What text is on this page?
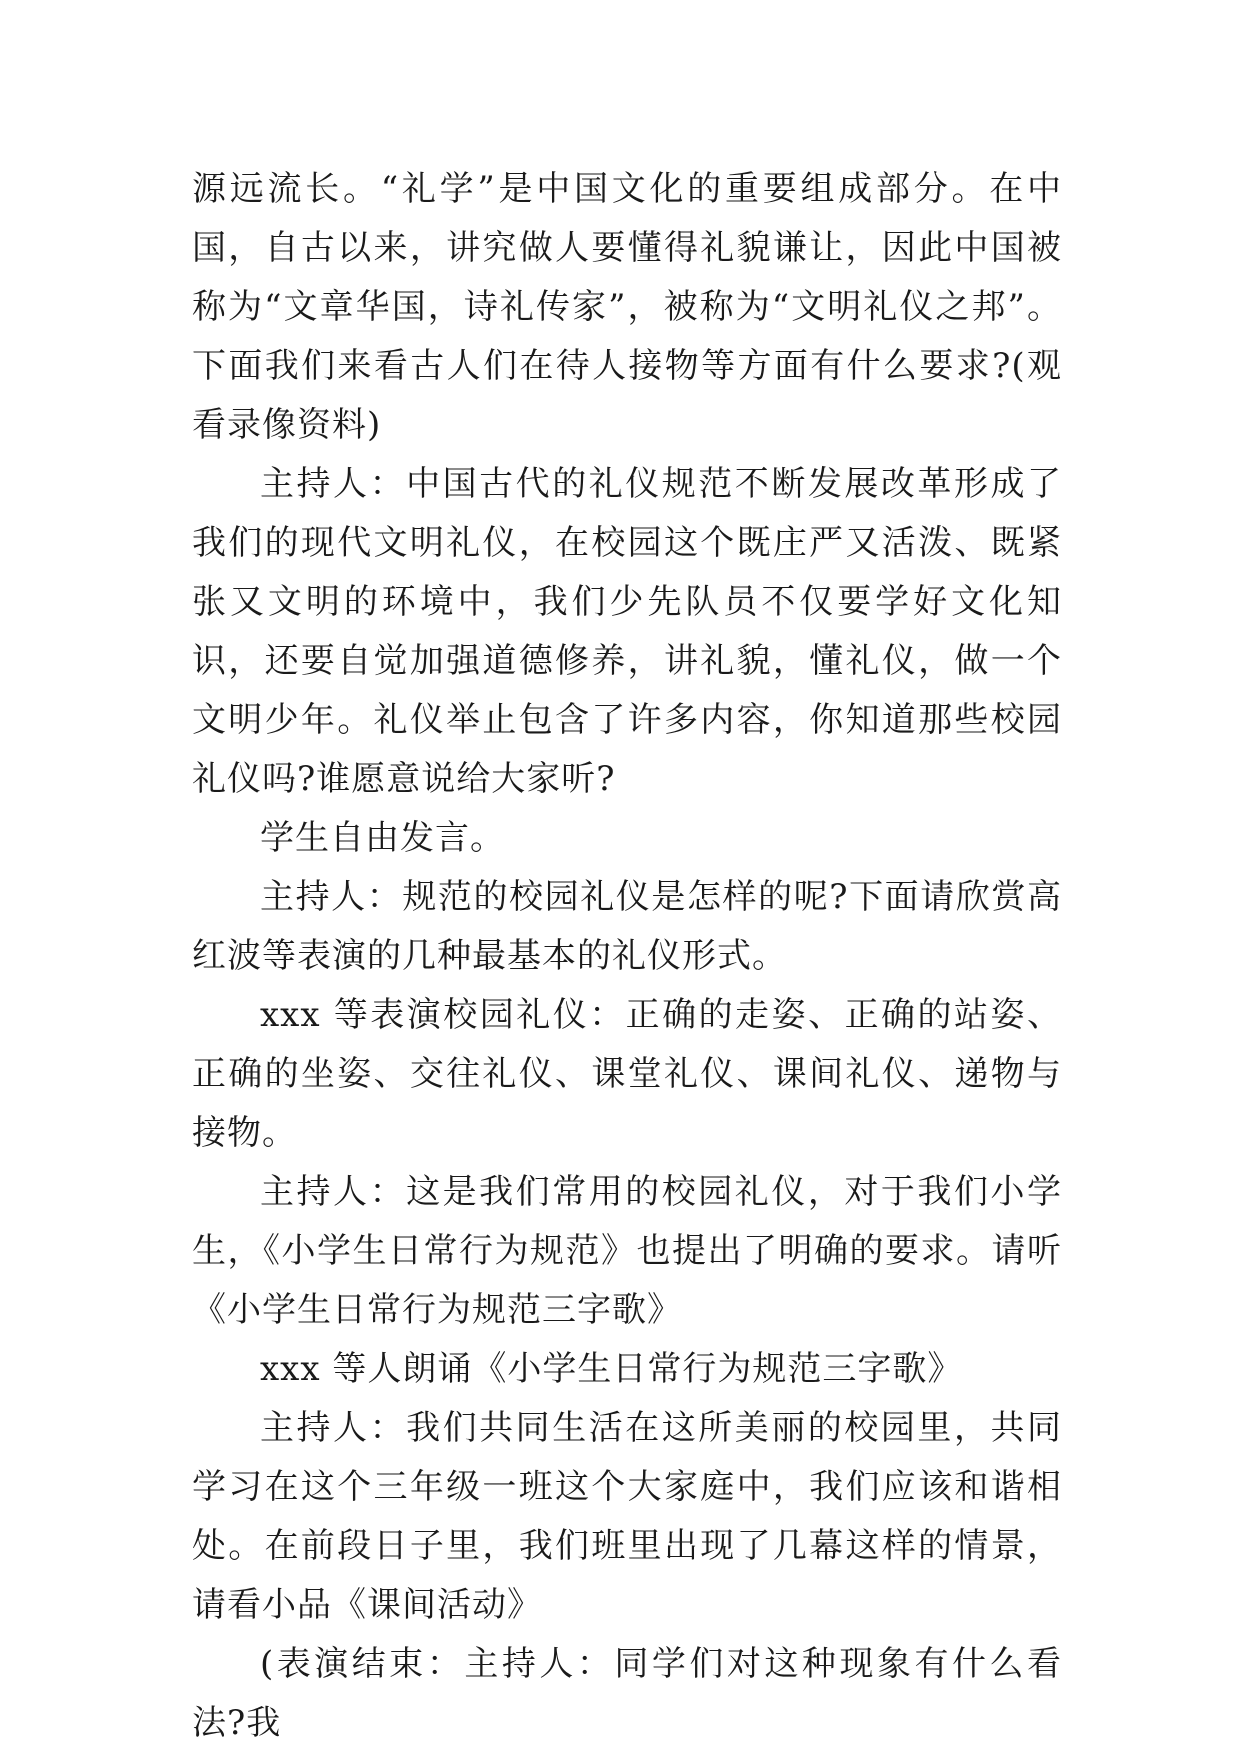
源远流长。“礼学”是中国文化的重要组成部分。在中国，自古以来，讲究做人要懂得礼貌谦让，因此中国被称为“文章华国，诗礼传家”，被称为“文明礼仪之邦”。下面我们来看古人们在待人接物等方面有什么要求?(观看录像资料)

主持人：中国古代的礼仪规范不断发展改革形成了我们的现代文明礼仪，在校园这个既庄严又活泼、既紧张又文明的环境中，我们少先队员不仅要学好文化知识，还要自觉加强道德修养，讲礼貌，懂礼仪，做一个文明少年。礼仪举止包含了许多内容，你知道那些校园礼仪吗?谁愿意说给大家听?

学生自由发言。

主持人：规范的校园礼仪是怎样的呢?下面请欣赏高红波等表演的几种最基本的礼仪形式。

xxx 等表演校园礼仪：正确的走姿、正确的站姿、正确的坐姿、交往礼仪、课堂礼仪、课间礼仪、递物与接物。

主持人：这是我们常用的校园礼仪，对于我们小学生，《小学生日常行为规范》也提出了明确的要求。请听《小学生日常行为规范三字歌》

xxx 等人朗诵《小学生日常行为规范三字歌》

主持人：我们共同生活在这所美丽的校园里，共同学习在这个三年级一班这个大家庭中，我们应该和谐相处。在前段日子里，我们班里出现了几幕这样的情景，请看小品《课间活动》

(表演结束：主持人：同学们对这种现象有什么看法?我
